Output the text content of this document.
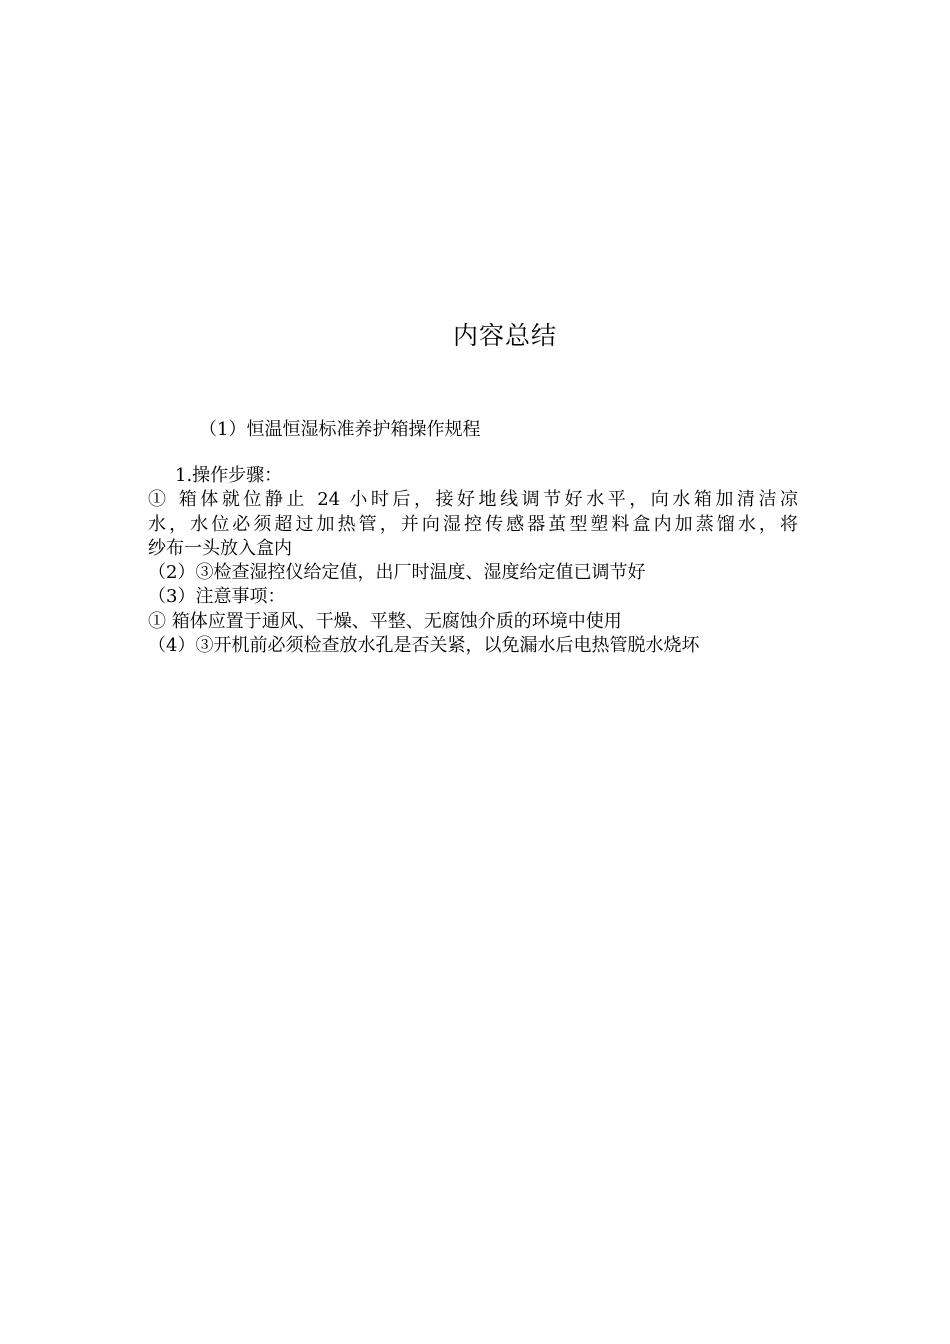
内容总结
（1）恒温恒湿标准养护箱操作规程
1.操作步骤：
① 箱体就位静止 24 小时后，接好地线调节好水平，向水箱加清洁凉
水，水位必须超过加热管，并向湿控传感器茧型塑料盒内加蒸馏水，将
纱布一头放入盒内
（2）③检查湿控仪给定值，出厂时温度、湿度给定值已调节好
（3）注意事项：
① 箱体应置于通风、干燥、平整、无腐蚀介质的环境中使用
（4）③开机前必须检查放水孔是否关紧，以免漏水后电热管脱水烧坏
